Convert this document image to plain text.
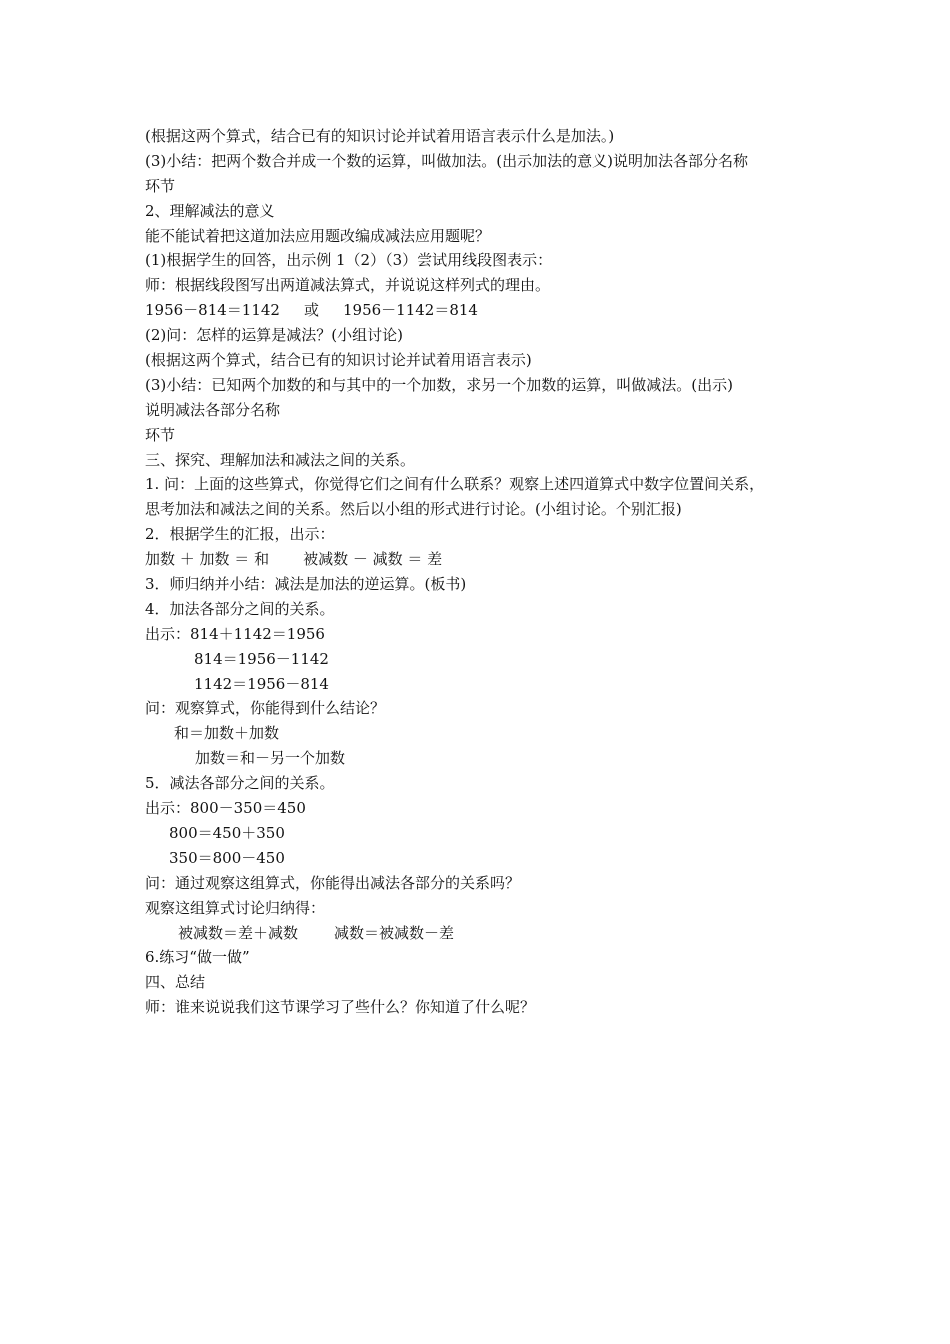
(根据这两个算式，结合已有的知识讨论并试着用语言表示什么是加法。)
(3)小结：把两个数合并成一个数的运算，叫做加法。(出示加法的意义)说明加法各部分名称
环节
2、理解减法的意义
能不能试着把这道加法应用题改编成减法应用题呢？
(1)根据学生的回答，出示例 1（2）（3）尝试用线段图表示：
师：根据线段图写出两道减法算式，并说说这样列式的理由。
1956－814＝1142 或 1956－1142＝814
(2)问：怎样的运算是减法？(小组讨论)
(根据这两个算式，结合已有的知识讨论并试着用语言表示)
(3)小结：已知两个加数的和与其中的一个加数，求另一个加数的运算，叫做减法。(出示)
说明减法各部分名称
环节
三、探究、理解加法和减法之间的关系。
1. 问：上面的这些算式，你觉得它们之间有什么联系？观察上述四道算式中数字位置间关系，
思考加法和减法之间的关系。然后以小组的形式进行讨论。(小组讨论。个别汇报)
2．根据学生的汇报，出示：
加数 ＋ 加数 ＝ 和 被减数 － 减数 ＝ 差
3．师归纳并小结：减法是加法的逆运算。(板书)
4．加法各部分之间的关系。
出示：814＋1142＝1956
814＝1956－1142
1142＝1956－814
问：观察算式，你能得到什么结论？
和＝加数＋加数
加数＝和－另一个加数
5．减法各部分之间的关系。
出示：800－350＝450
800＝450＋350
350＝800－450
问：通过观察这组算式，你能得出减法各部分的关系吗？
观察这组算式讨论归纳得：
被减数＝差＋减数 减数＝被减数－差
6.练习“做一做”
四、总结
师：谁来说说我们这节课学习了些什么？你知道了什么呢？
